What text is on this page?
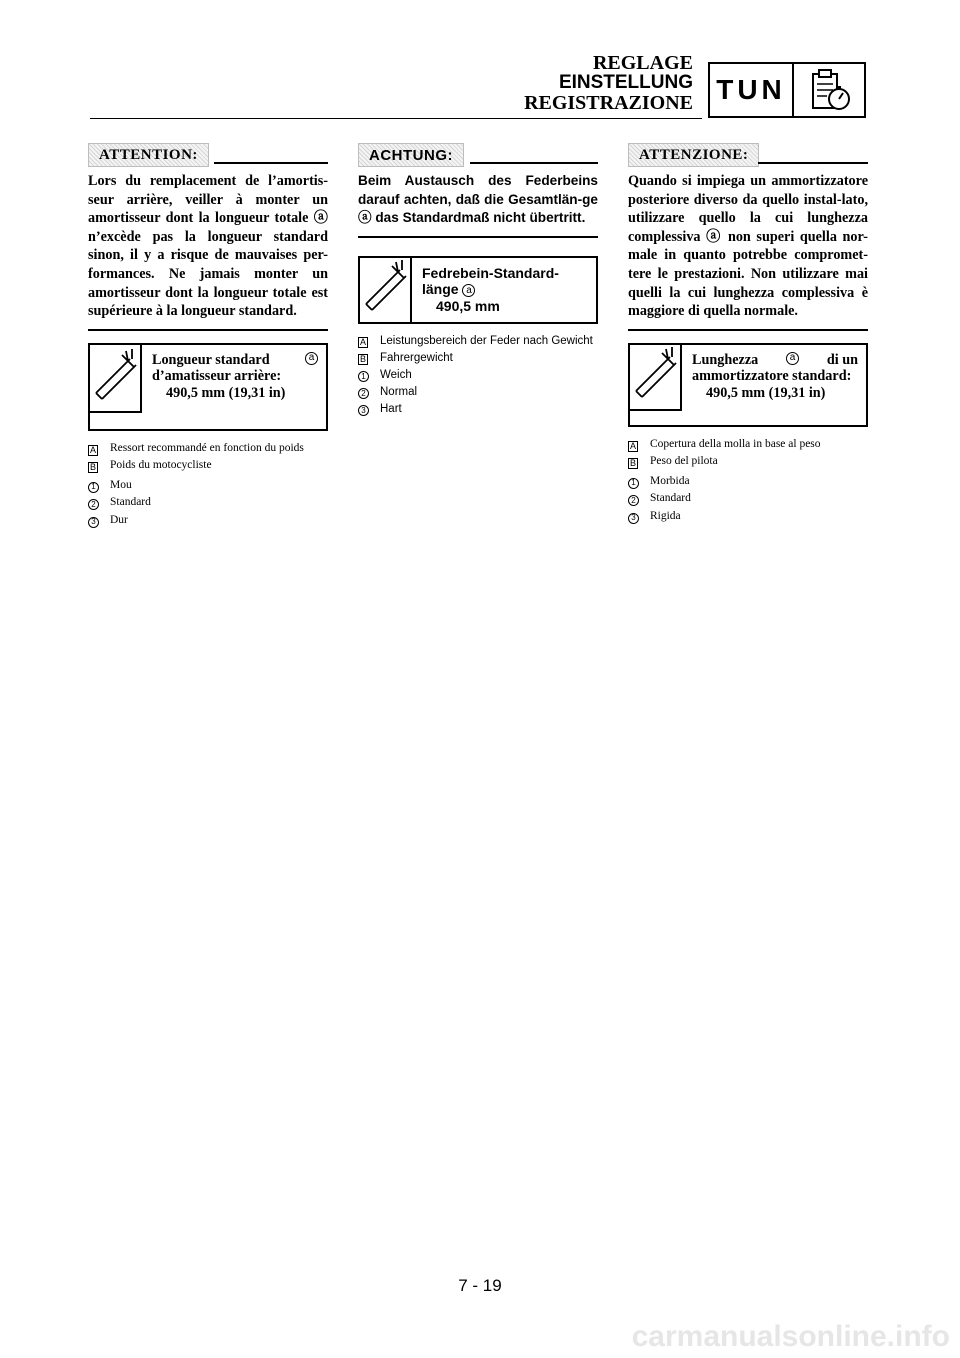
REGLAGE
EINSTELLUNG
REGISTRAZIONE TUN
ATTENTION:

Lors du remplacement de l’amortis-seur arrière, veiller à monter un amortisseur dont la longueur totale ⓐ n’excède pas la longueur standard sinon, il y a risque de mauvaises per-formances. Ne jamais monter un amortisseur dont la longueur totale est supérieure à la longueur standard.

Longueur standard	a
d’amatisseur arrière:
490,5 mm (19,31 in)
A	Ressort recommandé en fonction du poids
B	Poids du motocycliste
1	Mou
2	Standard
3	Dur
ACHTUNG:

Beim Austausch des Federbeins darauf achten, daß die Gesamtlän-ge ⓐ das Standardmaß nicht übertritt.

Fedrebein-Standard-
länge a
490,5 mm
A	Leistungsbereich der Feder nach Gewicht
B	Fahrergewicht
1	Weich
2	Normal
3	Hart
ATTENZIONE:

Quando si impiega un ammortizzatore posteriore diverso da quello instal-lato, utilizzare quello la cui lunghezza complessiva ⓐ non superi quella nor-male in quanto potrebbe compromet-tere le prestazioni. Non utilizzare mai quelli la cui lunghezza complessiva è maggiore di quella normale.

Lunghezza	a di un
ammortizzatore standard:
490,5 mm (19,31 in)
A	Copertura della molla in base al peso
B	Peso del pilota
1	Morbida
2	Standard
3	Rigida
7 - 19
carmanualsonline.info
